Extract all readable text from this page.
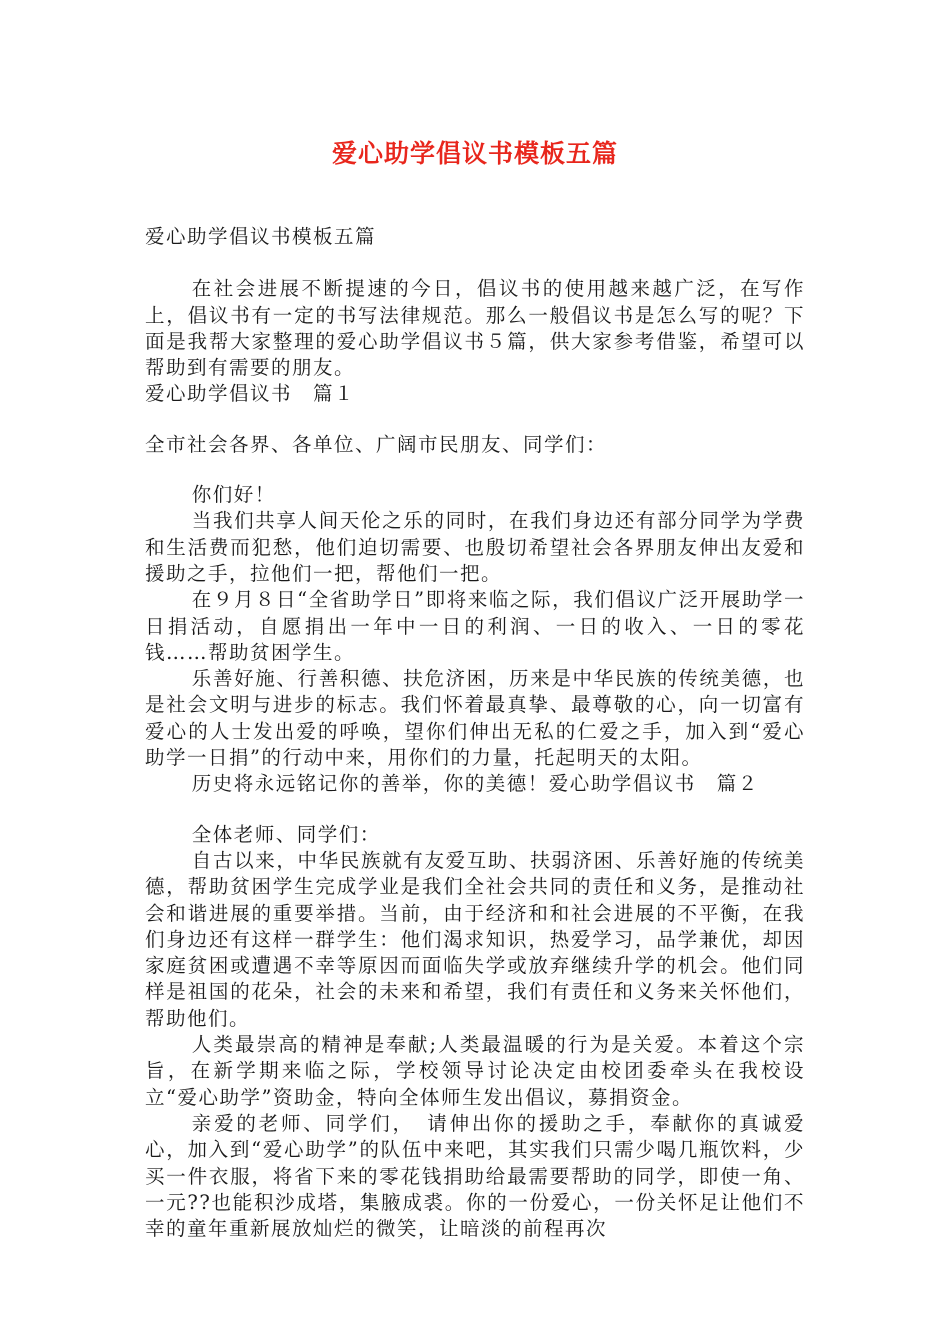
爱心助学倡议书模板五篇

爱心助学倡议书模板五篇

在社会进展不断提速的今日，倡议书的使用越来越广泛，在写作上，倡议书有一定的书写法律规范。那么一般倡议书是怎么写的呢？下面是我帮大家整理的爱心助学倡议书５篇，供大家参考借鉴，希望可以帮助到有需要的朋友。

爱心助学倡议书　篇１

全市社会各界、各单位、广阔市民朋友、同学们：

你们好！

当我们共享人间天伦之乐的同时，在我们身边还有部分同学为学费和生活费而犯愁，他们迫切需要、也殷切希望社会各界朋友伸出友爱和援助之手，拉他们一把，帮他们一把。

在９月８日“全省助学日”即将来临之际，我们倡议广泛开展助学一日捐活动，自愿捐出一年中一日的利润、一日的收入、一日的零花钱……帮助贫困学生。

乐善好施、行善积德、扶危济困，历来是中华民族的传统美德，也是社会文明与进步的标志。我们怀着最真挚、最尊敬的心，向一切富有爱心的人士发出爱的呼唤，望你们伸出无私的仁爱之手，加入到“爱心助学一日捐”的行动中来，用你们的力量，托起明天的太阳。

历史将永远铭记你的善举，你的美德！爱心助学倡议书　篇２

全体老师、同学们：

自古以来，中华民族就有友爱互助、扶弱济困、乐善好施的传统美德，帮助贫困学生完成学业是我们全社会共同的责任和义务，是推动社会和谐进展的重要举措。当前，由于经济和和社会进展的不平衡，在我们身边还有这样一群学生：他们渴求知识，热爱学习，品学兼优，却因家庭贫困或遭遇不幸等原因而面临失学或放弃继续升学的机会。他们同样是祖国的花朵，社会的未来和希望，我们有责任和义务来关怀他们，帮助他们。

人类最崇高的精神是奉献;人类最温暖的行为是关爱。本着这个宗旨，在新学期来临之际，学校领导讨论决定由校团委牵头在我校设立“爱心助学”资助金，特向全体师生发出倡议，募捐资金。

亲爱的老师、同学们，　请伸出你的援助之手，奉献你的真诚爱心，加入到“爱心助学”的队伍中来吧，其实我们只需少喝几瓶饮料，少买一件衣服，将省下来的零花钱捐助给最需要帮助的同学，即使一角、一元??也能积沙成塔，集腋成裘。你的一份爱心，一份关怀足让他们不幸的童年重新展放灿烂的微笑，让暗淡的前程再次
